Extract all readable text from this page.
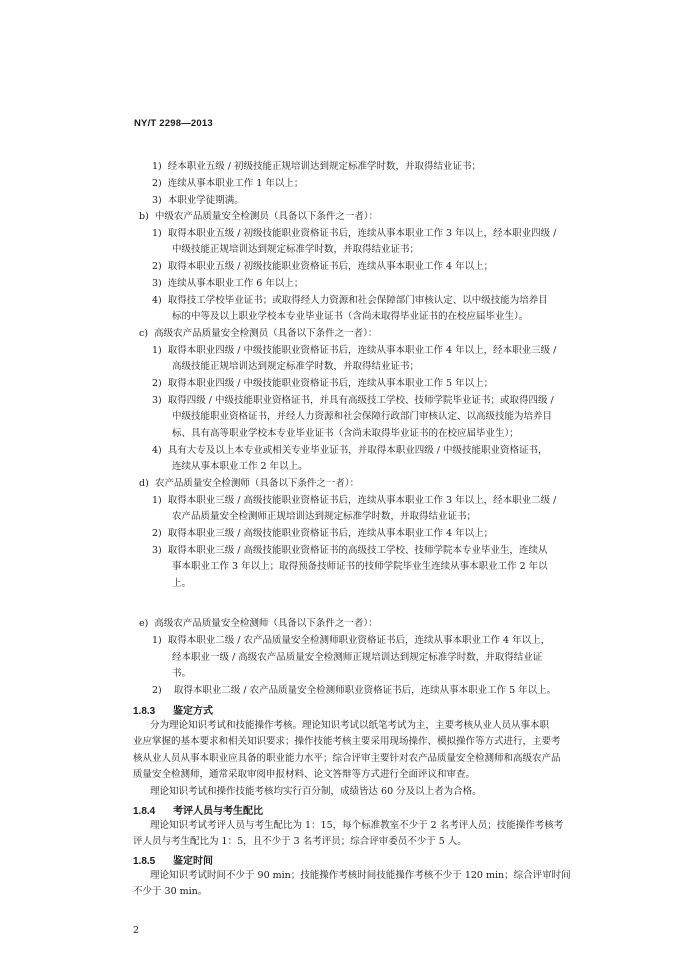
NY/T 2298—2013
1)  经本职业五级 / 初级技能正规培训达到规定标准学时数，并取得结业证书；
2)  连续从事本职业工作 1 年以上；
3)  本职业学徒期满。
b)  中级农产品质量安全检测员（具备以下条件之一者）：
1)  取得本职业五级 / 初级技能职业资格证书后，连续从事本职业工作 3 年以上，经本职业四级 /
中级技能正规培训达到规定标准学时数，并取得结业证书；
2)  取得本职业五级 / 初级技能职业资格证书后，连续从事本职业工作 4 年以上；
3)  连续从事本职业工作 6 年以上；
4)  取得技工学校毕业证书；或取得经人力资源和社会保障部门审核认定、以中级技能为培养目
标的中等及以上职业学校本专业毕业证书（含尚未取得毕业证书的在校应届毕业生）。
c)  高级农产品质量安全检测员（具备以下条件之一者）：
1)  取得本职业四级 / 中级技能职业资格证书后，连续从事本职业工作 4 年以上，经本职业三级 /
高级技能正规培训达到规定标准学时数，并取得结业证书；
2)  取得本职业四级 / 中级技能职业资格证书后，连续从事本职业工作 5 年以上；
3)  取得四级 / 中级技能职业资格证书，并具有高级技工学校、技师学院毕业证书；或取得四级 /
中级技能职业资格证书，并经人力资源和社会保障行政部门审核认定、以高级技能为培养目
标、具有高等职业学校本专业毕业证书（含尚未取得毕业证书的在校应届毕业生）；
4)  具有大专及以上本专业或相关专业毕业证书，并取得本职业四级 / 中级技能职业资格证书，
连续从事本职业工作 2 年以上。
d)  农产品质量安全检测师（具备以下条件之一者）：
1)  取得本职业三级 / 高级技能职业资格证书后，连续从事本职业工作 3 年以上，经本职业二级 /
农产品质量安全检测师正规培训达到规定标准学时数，并取得结业证书；
2)  取得本职业三级 / 高级技能职业资格证书后，连续从事本职业工作 4 年以上；
3)  取得本职业三级 / 高级技能职业资格证书的高级技工学校、技师学院本专业毕业生，连续从
事本职业工作 3 年以上；取得预备技师证书的技师学院毕业生连续从事本职业工作 2 年以
上。
e)  高级农产品质量安全检测师（具备以下条件之一者）：
1)  取得本职业二级 / 农产品质量安全检测师职业资格证书后，连续从事本职业工作 4 年以上，
经本职业一级 / 高级农产品质量安全检测师正规培训达到规定标准学时数，并取得结业证
书。
2)    取得本职业二级 / 农产品质量安全检测师职业资格证书后，连续从事本职业工作 5 年以上。
1.8.3 鉴定方式
分为理论知识考试和技能操作考核。理论知识考试以纸笔考试为主，主要考核从业人员从事本职
业应掌握的基本要求和相关知识要求；操作技能考核主要采用现场操作、模拟操作等方式进行，主要考
核从业人员从事本职业应具备的职业能力水平；综合评审主要针对农产品质量安全检测师和高级农产品
质量安全检测师，通常采取审阅申报材料、论文答辩等方式进行全面评议和审查。
理论知识考试和操作技能考核均实行百分制，成绩皆达 60 分及以上者为合格。
1.8.4 考评人员与考生配比
理论知识考试考评人员与考生配比为 1：15，每个标准教室不少于 2 名考评人员；技能操作考核考
评人员与考生配比为 1：5，且不少于 3 名考评员；综合评审委员不少于 5 人。
1.8.5 鉴定时间
理论知识考试时间不少于 90 min；技能操作考核时间技能操作考核不少于 120 min；综合评审时间
不少于 30 min。
2
